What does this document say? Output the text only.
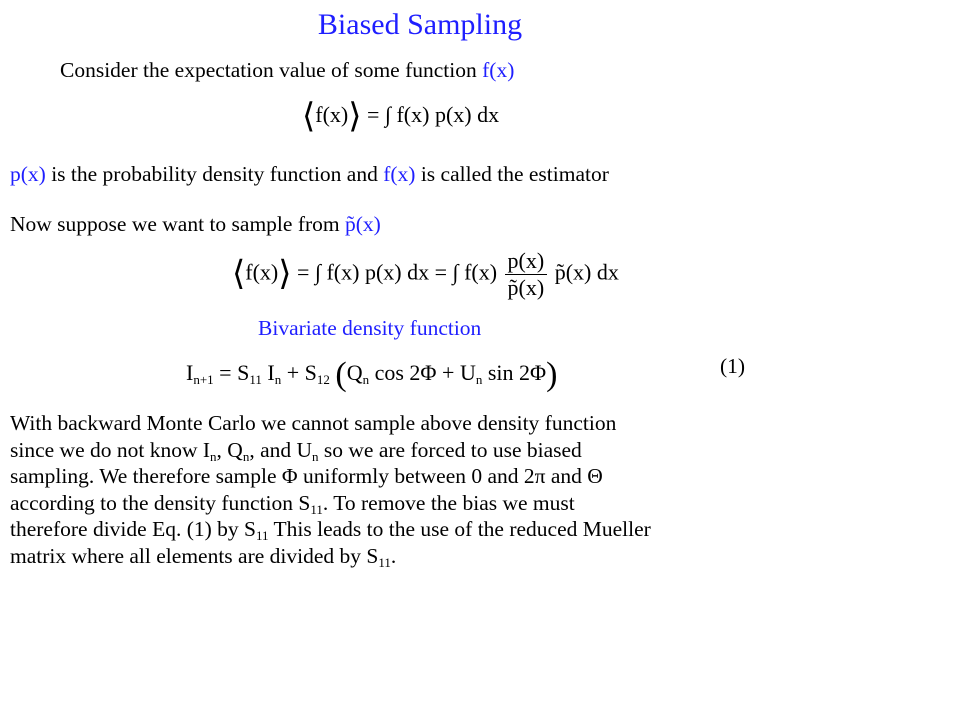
Biased Sampling
Consider the expectation value of some function f(x)
⟨f(x)⟩ = ∫ f(x) p(x) dx
p(x) is the probability density function and f(x) is called the estimator
Now suppose we want to sample from p̃(x)
⟨f(x)⟩ = ∫ f(x) p(x) dx = ∫ $f(x) \frac{p(x)}{p̃(x)}$ p̃(x) dx
Bivariate density function
$I_{n+1} = S_{11}$ $I_n + S_{12}$ ($Q_n$ $\cos 2\Phi + U_n$ sin 2Φ)	(1)

With backward Monte Carlo we cannot sample above density function

since we do not know $I_n$, $Q_n$, and $U_n$ so we are forced to use biased

sampling. We therefore sample Φ uniformly between 0 and 2π and Θ

according to the density function $S_{11}$. To remove the bias we must

therefore divide Eq. (1) by $S_{11}$ This leads to the use of the reduced Mueller

matrix where all elements are divided by $S_{11}$.
